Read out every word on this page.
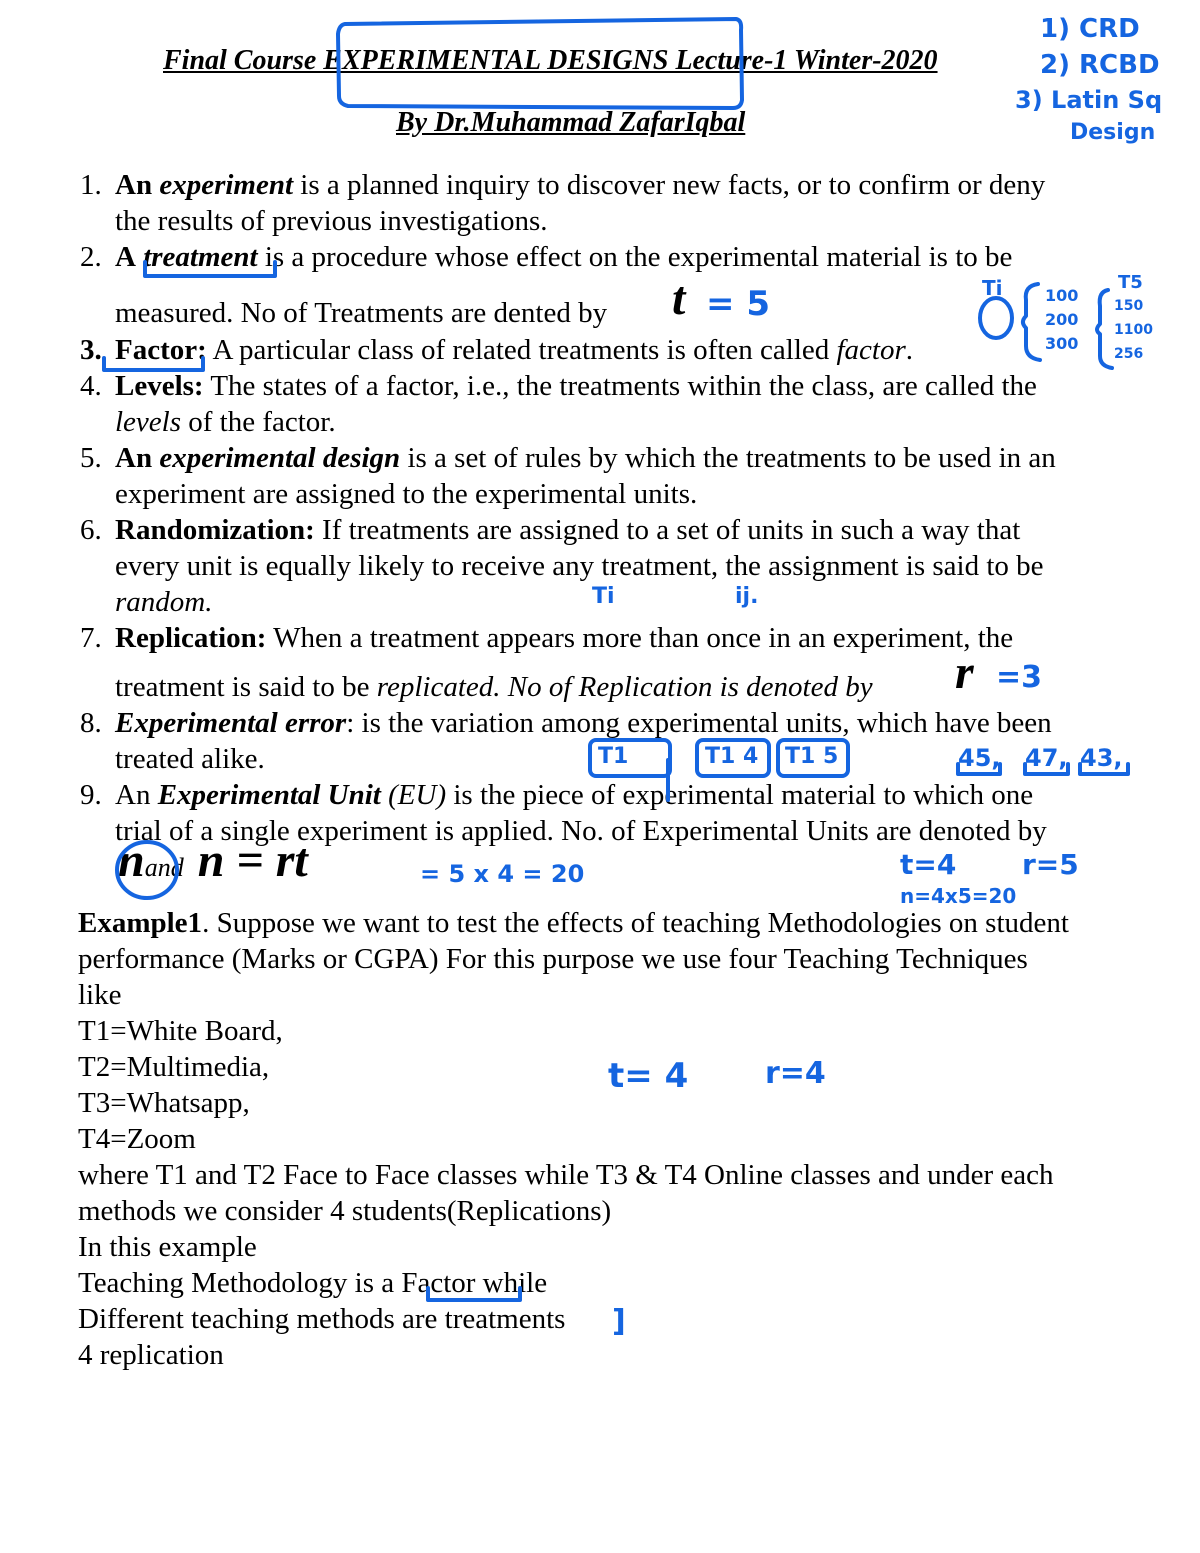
Final Course EXPERIMENTAL DESIGNS Lecture-1 Winter-2020
By Dr.Muhammad ZafarIqbal
1. An experiment is a planned inquiry to discover new facts, or to confirm or deny
the results of previous investigations.
2. A treatment is a procedure whose effect on the experimental material is to be
measured. No of Treatments are dented by t
3. Factor: A particular class of related treatments is often called factor.
4. Levels: The states of a factor, i.e., the treatments within the class, are called the
levels of the factor.
5. An experimental design is a set of rules by which the treatments to be used in an
experiment are assigned to the experimental units.
6. Randomization: If treatments are assigned to a set of units in such a way that
every unit is equally likely to receive any treatment, the assignment is said to be
random.
7. Replication: When a treatment appears more than once in an experiment, the
treatment is said to be replicated. No of Replication is denoted by r
8. Experimental error: is the variation among experimental units, which have been
treated alike.
9. An Experimental Unit (EU) is the piece of experimental material to which one
trial of a single experiment is applied. No. of Experimental Units are denoted by
nand n = rt
Example1. Suppose we want to test the effects of teaching Methodologies on student
performance (Marks or CGPA) For this purpose we use four Teaching Techniques
like
T1=White Board,
T2=Multimedia,
T3=Whatsapp,
T4=Zoom
where T1 and T2 Face to Face classes while T3 & T4 Online classes and under each
methods we consider 4 students(Replications)
In this example
Teaching Methodology is a Factor while
Different teaching methods are treatments
4 replication
1) CRD
2) RCBD
3) Latin Sq
Design
= 5
=3
= 5 x 4 = 20
Ti	ij.
T1	T1 4 T1 5	45, 47, 43,
t=4 r=5
n=4x5=20
t= 4	r=4
]
Ti	100
200
300
T5
150
1100
256
